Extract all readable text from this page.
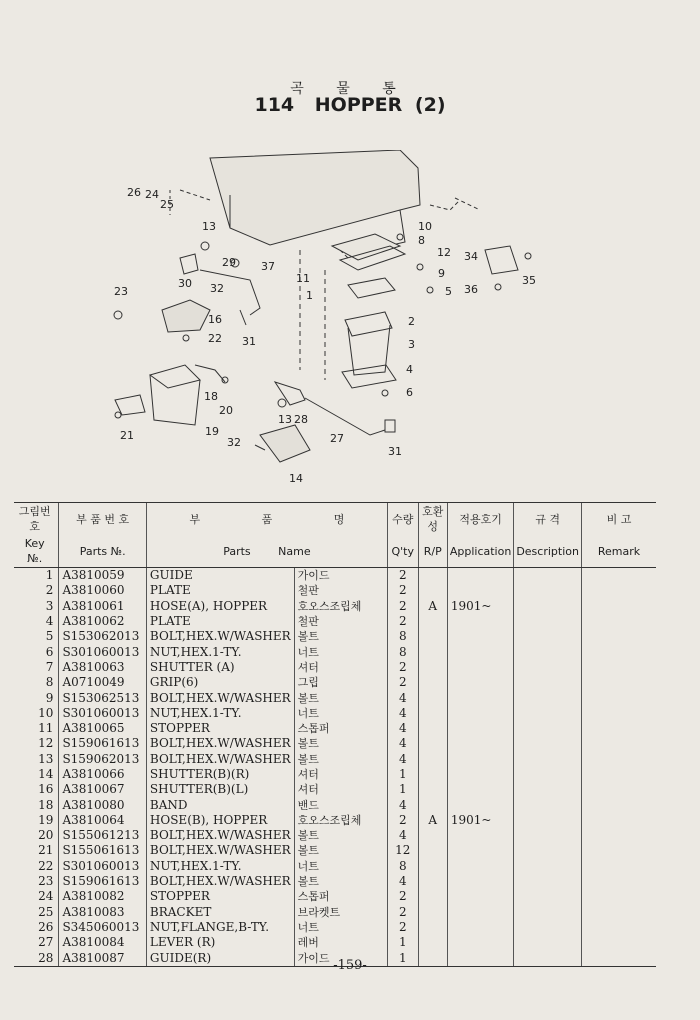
곡 물 통
114 HOPPER (2)
26 24
25
13	10
8
12
9
5
34
35
36
29 37
11
1
2
3
4
6
23
30 32
16
22 31
18
20
21	19
13 28
27
32
31
14
그림번호	부 품 번 호	부 품 명		수량	호환성	적용호기	규 격	비 고
Key №.	Parts №.	Parts Name		Q'ty	R/P	Application	Description	Remark
1	A3810059	GUIDE	가이드	2				
2	A3810060	PLATE	철판	2				
3	A3810061	HOSE(A), HOPPER	호오스조립체	2	A	1901~		
4	A3810062	PLATE	철판	2				
5	S153062013	BOLT,HEX.W/WASHER	볼트	8				
6	S301060013	NUT,HEX.1-TY.	너트	8				
7	A3810063	SHUTTER (A)	셔터	2				
8	A0710049	GRIP(6)	그립	2				
9	S153062513	BOLT,HEX.W/WASHER	볼트	4				
10	S301060013	NUT,HEX.1-TY.	너트	4				
11	A3810065	STOPPER	스톱퍼	4				
12	S159061613	BOLT,HEX.W/WASHER	볼트	4				
13	S159062013	BOLT,HEX.W/WASHER	볼트	4				
14	A3810066	SHUTTER(B)(R)	셔터	1				
16	A3810067	SHUTTER(B)(L)	셔터	1				
18	A3810080	BAND	밴드	4				
19	A3810064	HOSE(B), HOPPER	호오스조립체	2	A	1901~		
20	S155061213	BOLT,HEX.W/WASHER	볼트	4				
21	S155061613	BOLT,HEX.W/WASHER	볼트	12				
22	S301060013	NUT,HEX.1-TY.	너트	8				
23	S159061613	BOLT,HEX.W/WASHER	볼트	4				
24	A3810082	STOPPER	스톱퍼	2				
25	A3810083	BRACKET	브라켓트	2				
26	S345060013	NUT,FLANGE,B-TY.	너트	2				
27	A3810084	LEVER (R)	레버	1				
28	A3810087	GUIDE(R)	가이드	1				
-159-
